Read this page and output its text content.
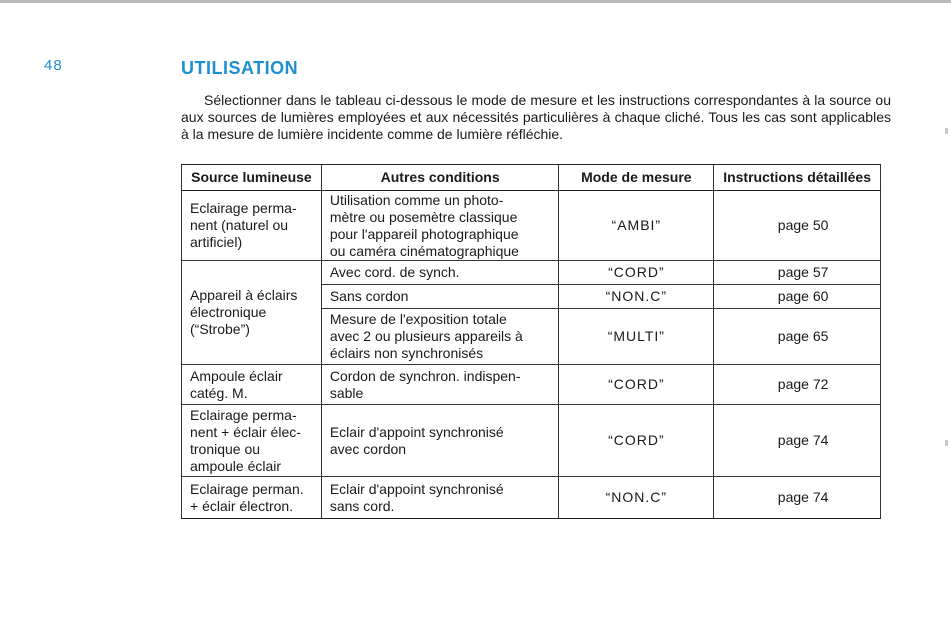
48	UTILISATION

Sélectionner dans le tableau ci-dessous le mode de mesure et les instructions correspondantes à la source ou aux sources de lumières employées et aux nécessités particulières à chaque cliché. Tous les cas sont applicables à la mesure de lumière incidente comme de lumière réfléchie.

Source lumineuse	Autres conditions	Mode de mesure	Instructions détaillées
Eclairage perma-
nent (naturel ou
artificiel)	Utilisation comme un photo-
mètre ou posemètre classique
pour l'appareil photographique
ou caméra cinématographique	“AMBI”	page 50
Appareil à éclairs
électronique
(“Strobe”)	Avec cord. de synch.	“CORD”	page 57
	Sans cordon	“NON.C”	page 60
	Mesure de l'exposition totale
avec 2 ou plusieurs appareils à
éclairs non synchronisés	“MULTI”	page 65
Ampoule éclair
catég. M.	Cordon de synchron. indispen-
sable	“CORD”	page 72
Eclairage perma-
nent + éclair élec-
tronique ou
ampoule éclair	Eclair d'appoint synchronisé
avec cordon	“CORD”	page 74
Eclairage perman.
+ éclair électron.	Eclair d'appoint synchronisé
sans cord.	“NON.C”	page 74
